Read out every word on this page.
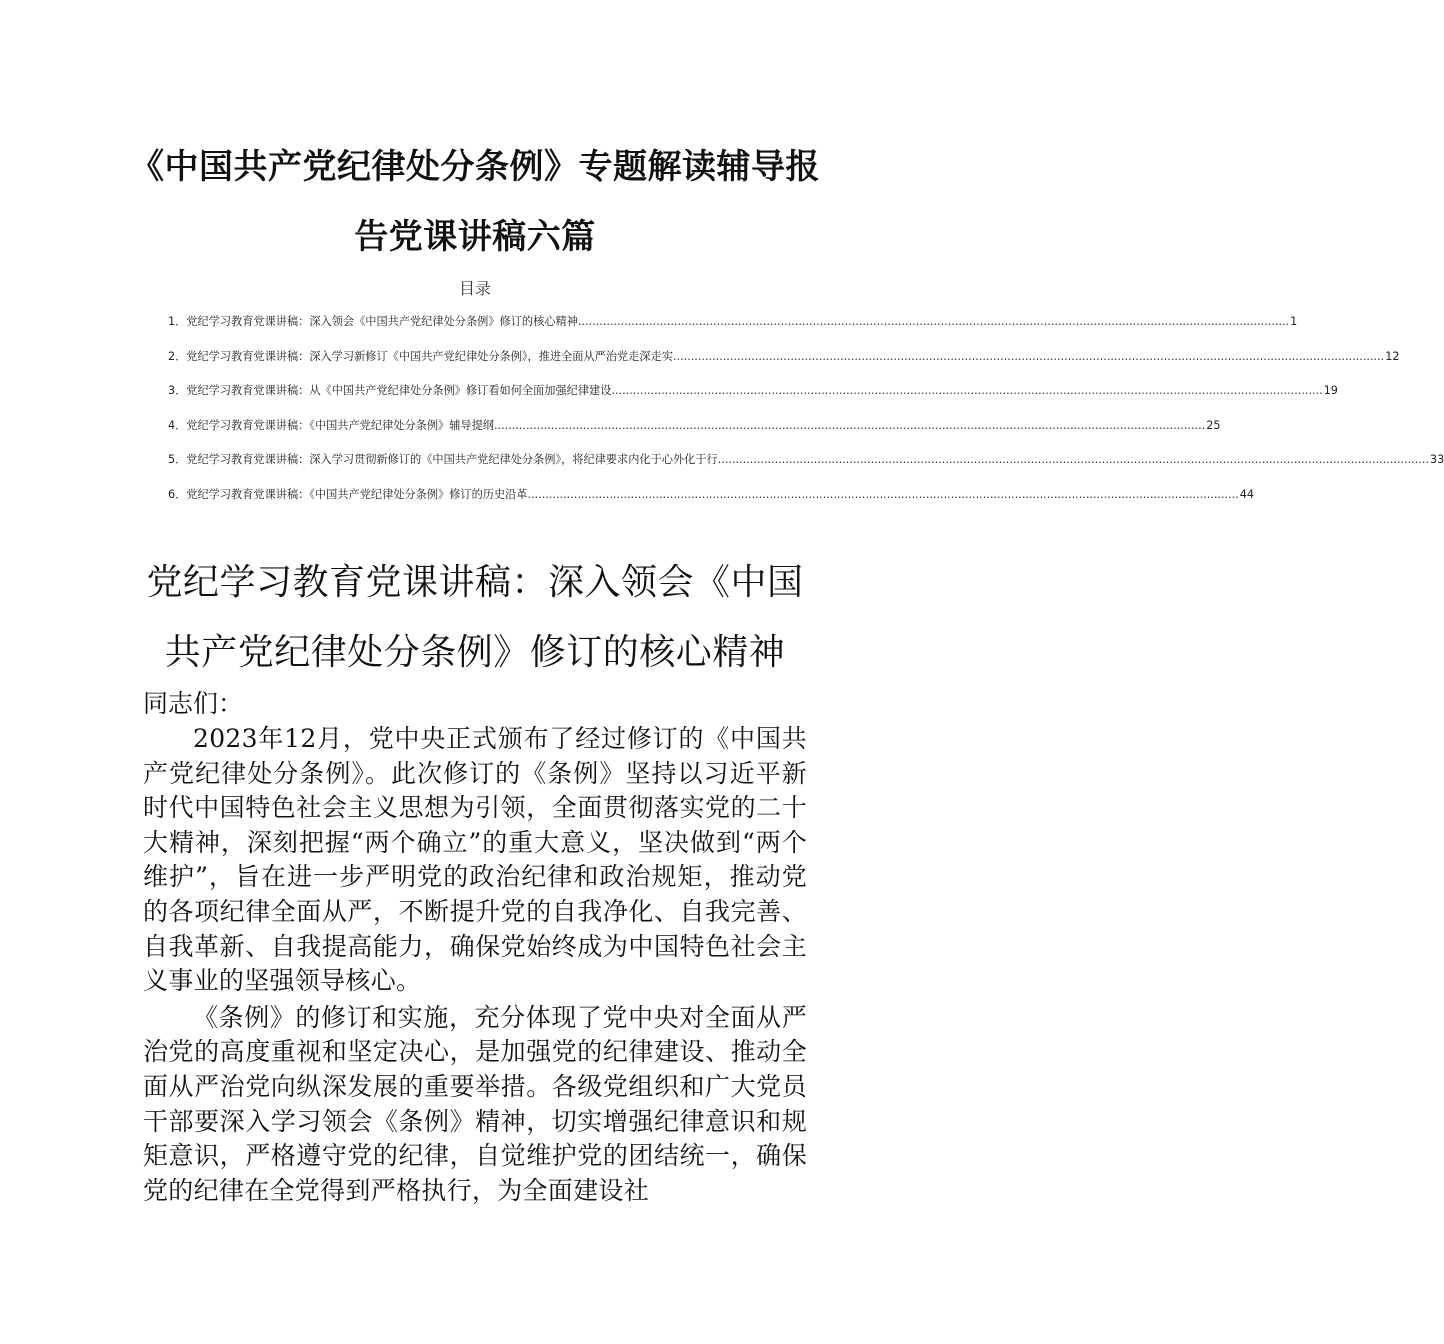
《中国共产党纪律处分条例》专题解读辅导报告党课讲稿六篇
目录
1．党纪学习教育党课讲稿：深入领会《中国共产党纪律处分条例》修订的核心精神 .....	1
2．党纪学习教育党课讲稿：深入学习新修订《中国共产党纪律处分条例》，推进全面从严治党走深走实 .....	12
3．党纪学习教育党课讲稿：从《中国共产党纪律处分条例》修订看如何全面加强纪律建设 .....	19
4．党纪学习教育党课讲稿：《中国共产党纪律处分条例》辅导提纲 .....	25
5．党纪学习教育党课讲稿：深入学习贯彻新修订的《中国共产党纪律处分条例》，将纪律要求内化于心外化于行 .....	33
6．党纪学习教育党课讲稿：《中国共产党纪律处分条例》修订的历史沿革 .....	44
党纪学习教育党课讲稿：深入领会《中国共产党纪律处分条例》修订的核心精神

同志们：

2023年12月，党中央正式颁布了经过修订的《中国共产党纪律处分条例》。此次修订的《条例》坚持以习近平新时代中国特色社会主义思想为引领，全面贯彻落实党的二十大精神，深刻把握“两个确立”的重大意义，坚决做到“两个维护”，旨在进一步严明党的政治纪律和政治规矩，推动党的各项纪律全面从严，不断提升党的自我净化、自我完善、自我革新、自我提高能力，确保党始终成为中国特色社会主义事业的坚强领导核心。

《条例》的修订和实施，充分体现了党中央对全面从严治党的高度重视和坚定决心，是加强党的纪律建设、推动全面从严治党向纵深发展的重要举措。各级党组织和广大党员干部要深入学习领会《条例》精神，切实增强纪律意识和规矩意识，严格遵守党的纪律，自觉维护党的团结统一，确保党的纪律在全党得到严格执行，为全面建设社
